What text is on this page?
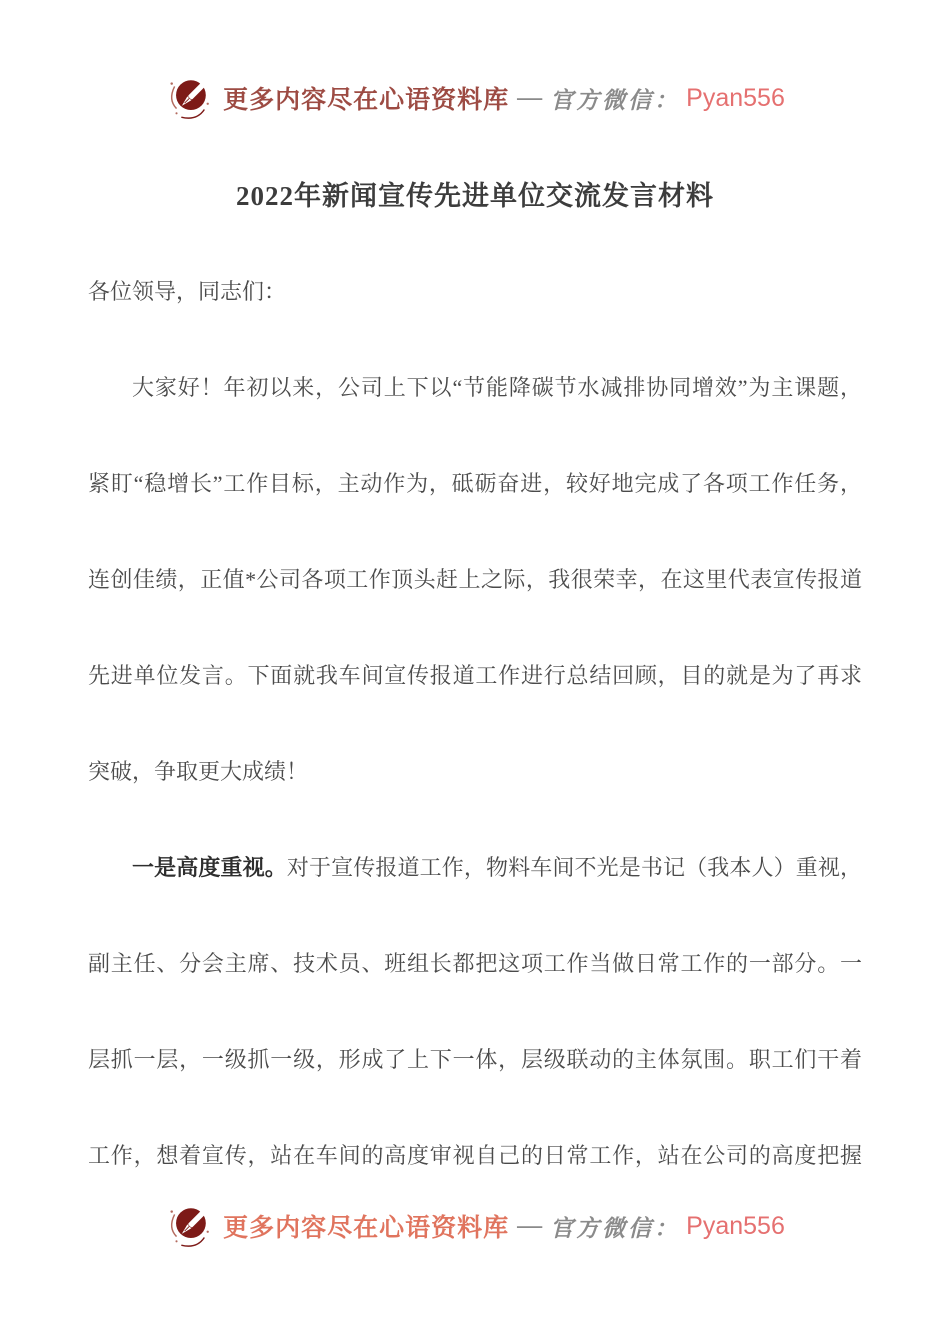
更多内容尽在心语资料库 — 官方微信： Pyan556
2022年新闻宣传先进单位交流发言材料
各位领导，同志们：
大家好！年初以来，公司上下以“节能降碳节水减排协同增效”为主课题，
紧盯“稳增长”工作目标，主动作为，砥砺奋进，较好地完成了各项工作任务，
连创佳绩，正值*公司各项工作顶头赶上之际，我很荣幸，在这里代表宣传报道
先进单位发言。下面就我车间宣传报道工作进行总结回顾，目的就是为了再求
突破，争取更大成绩！
一是高度重视。对于宣传报道工作，物料车间不光是书记（我本人）重视，
副主任、分会主席、技术员、班组长都把这项工作当做日常工作的一部分。一
层抓一层，一级抓一级，形成了上下一体，层级联动的主体氛围。职工们干着
工作，想着宣传，站在车间的高度审视自己的日常工作，站在公司的高度把握
更多内容尽在心语资料库 — 官方微信： Pyan556
